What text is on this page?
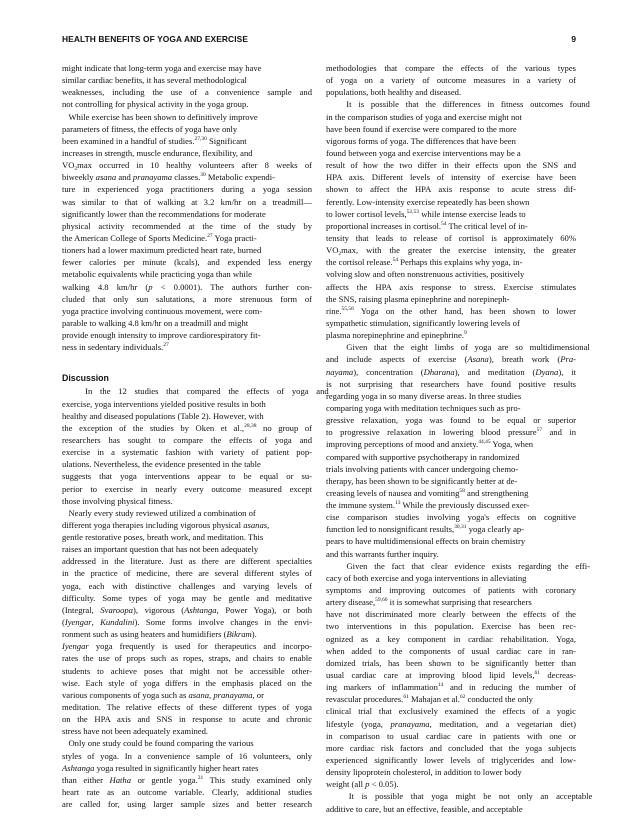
HEALTH BENEFITS OF YOGA AND EXERCISE	9
might indicate that long-term yoga and exercise may have
similar cardiac benefits, it has several methodological
weaknesses, including the use of a convenience sample and
not controlling for physical activity in the yoga group.
While exercise has been shown to definitively improve
parameters of fitness, the effects of yoga have only
been examined in a handful of studies.$^{27,30}$ Significant
increases in strength, muscle endurance, flexibility, and
$VO_2\max$ occurred in 10 healthy volunteers after 8 weeks of
biweekly asana and pranayama classes.$^{30}$ Metabolic expendi-
ture in experienced yoga practitioners during a yoga session
was similar to that of walking at 3.2 km/hr on a treadmill—
significantly lower than the recommendations for moderate
physical activity recommended at the time of the study by
the American College of Sports Medicine.$^{27}$ Yoga practi-
tioners had a lower maximum predicted heart rate, burned
fewer calories per minute (kcals), and expended less energy
metabolic equivalents while practicing yoga than while
walking 4.8 km/hr (p < 0.0001). The authors further con-
cluded that only sun salutations, a more strenuous form of
yoga practice involving continuous movement, were com-
parable to walking 4.8 km/hr on a treadmill and might
provide enough intensity to improve cardiorespiratory fit-
ness in sedentary individuals.$^{27}$
Discussion
In the 12 studies that compared the effects of yoga and
exercise, yoga interventions yielded positive results in both
healthy and diseased populations (Table 2). However, with
the exception of the studies by Oken et al.,$^{28,38}$ no group of
researchers has sought to compare the effects of yoga and
exercise in a systematic fashion with variety of patient pop-
ulations. Nevertheless, the evidence presented in the table
suggests that yoga interventions appear to be equal or su-
perior to exercise in nearly every outcome measured except
those involving physical fitness.
Nearly every study reviewed utilized a combination of
different yoga therapies including vigorous physical asanas,
gentle restorative poses, breath work, and meditation. This
raises an important question that has not been adequately
addressed in the literature. Just as there are different specialties
in the practice of medicine, there are several different styles of
yoga, each with distinctive challenges and varying levels of
difficulty. Some types of yoga may be gentle and meditative
(Integral, Svaroopa), vigorous (Ashtanga, Power Yoga), or both
(Iyengar, Kundalini). Some forms involve changes in the envi-
ronment such as using heaters and humidifiers (Bikram).
Iyengar yoga frequently is used for therapeutics and incorpo-
rates the use of props such as ropes, straps, and chairs to enable
students to achieve poses that might not be accessible other-
wise. Each style of yoga differs in the emphasis placed on the
various components of yoga such as asana, pranayama, or
meditation. The relative effects of these different types of yoga
on the HPA axis and SNS in response to acute and chronic
stress have not been adequately examined.
Only one study could be found comparing the various
styles of yoga. In a convenience sample of 16 volunteers, only
Ashtanga yoga resulted in significantly higher heart rates
than either Hatha or gentle yoga.$^{31}$ This study examined only
heart rate as an outcome variable. Clearly, additional studies
are called for, using larger sample sizes and better research
methodologies that compare the effects of the various types
of yoga on a variety of outcome measures in a variety of
populations, both healthy and diseased.
It is possible that the differences in fitness outcomes found
in the comparison studies of yoga and exercise might not
have been found if exercise were compared to the more
vigorous forms of yoga. The differences that have been
found between yoga and exercise interventions may be a
result of how the two differ in their effects upon the SNS and
HPA axis. Different levels of intensity of exercise have been
shown to affect the HPA axis response to acute stress dif-
ferently. Low-intensity exercise repeatedly has been shown
to lower cortisol levels,$^{52,53}$ while intense exercise leads to
proportional increases in cortisol.$^{54}$ The critical level of in-
tensity that leads to release of cortisol is approximately 60%
$VO_2\max$, with the greater the exercise intensity, the greater
the cortisol release.$^{54}$ Perhaps this explains why yoga, in-
volving slow and often nonstrenuous activities, positively
affects the HPA axis response to stress. Exercise stimulates
the SNS, raising plasma epinephrine and norepineph-
rine.$^{55,56}$ Yoga on the other hand, has been shown to lower
sympathetic stimulation, significantly lowering levels of
plasma norepinephrine and epinephrine.$^9$
Given that the eight limbs of yoga are so multidimensional
and include aspects of exercise (Asana), breath work (Pra-
nayama), concentration (Dharana), and meditation (Dyana), it
is not surprising that researchers have found positive results
regarding yoga in so many diverse areas. In three studies
comparing yoga with meditation techniques such as pro-
gressive relaxation, yoga was found to be equal or superior
to progressive relaxation in lowering blood pressure$^{57}$ and in
improving perceptions of mood and anxiety.$^{44,45}$ Yoga, when
compared with supportive psychotherapy in randomized
trials involving patients with cancer undergoing chemo-
therapy, has been shown to be significantly better at de-
creasing levels of nausea and vomiting$^{58}$ and strengthening
the immune system.$^{13}$ While the previously discussed exer-
cise comparison studies involving yoga's effects on cognitive
function led to nonsignificant results,$^{30,31}$ yoga clearly ap-
pears to have multidimensional effects on brain chemistry
and this warrants further inquiry.
Given the fact that clear evidence exists regarding the effi-
cacy of both exercise and yoga interventions in alleviating
symptoms and improving outcomes of patients with coronary
artery disease,$^{59,60}$ it is somewhat surprising that researchers
have not discriminated more clearly between the effects of the
two interventions in this population. Exercise has been rec-
ognized as a key component in cardiac rehabilitation. Yoga,
when added to the components of usual cardiac care in ran-
domized trials, has been shown to be significantly better than
usual cardiac care at improving blood lipid levels,$^{61}$ decreas-
ing markers of inflammation$^{14}$ and in reducing the number of
revascular procedures.$^{61}$ Mahajan et al.$^{62}$ conducted the only
clinical trial that exclusively examined the effects of a yogic
lifestyle (yoga, pranayama, meditation, and a vegetarian diet)
in comparison to usual cardiac care in patients with one or
more cardiac risk factors and concluded that the yoga subjects
experienced significantly lower levels of triglycerides and low-
density lipoprotein cholesterol, in addition to lower body
weight (all p < 0.05).
It is possible that yoga might be not only an acceptable
additive to care, but an effective, feasible, and acceptable
